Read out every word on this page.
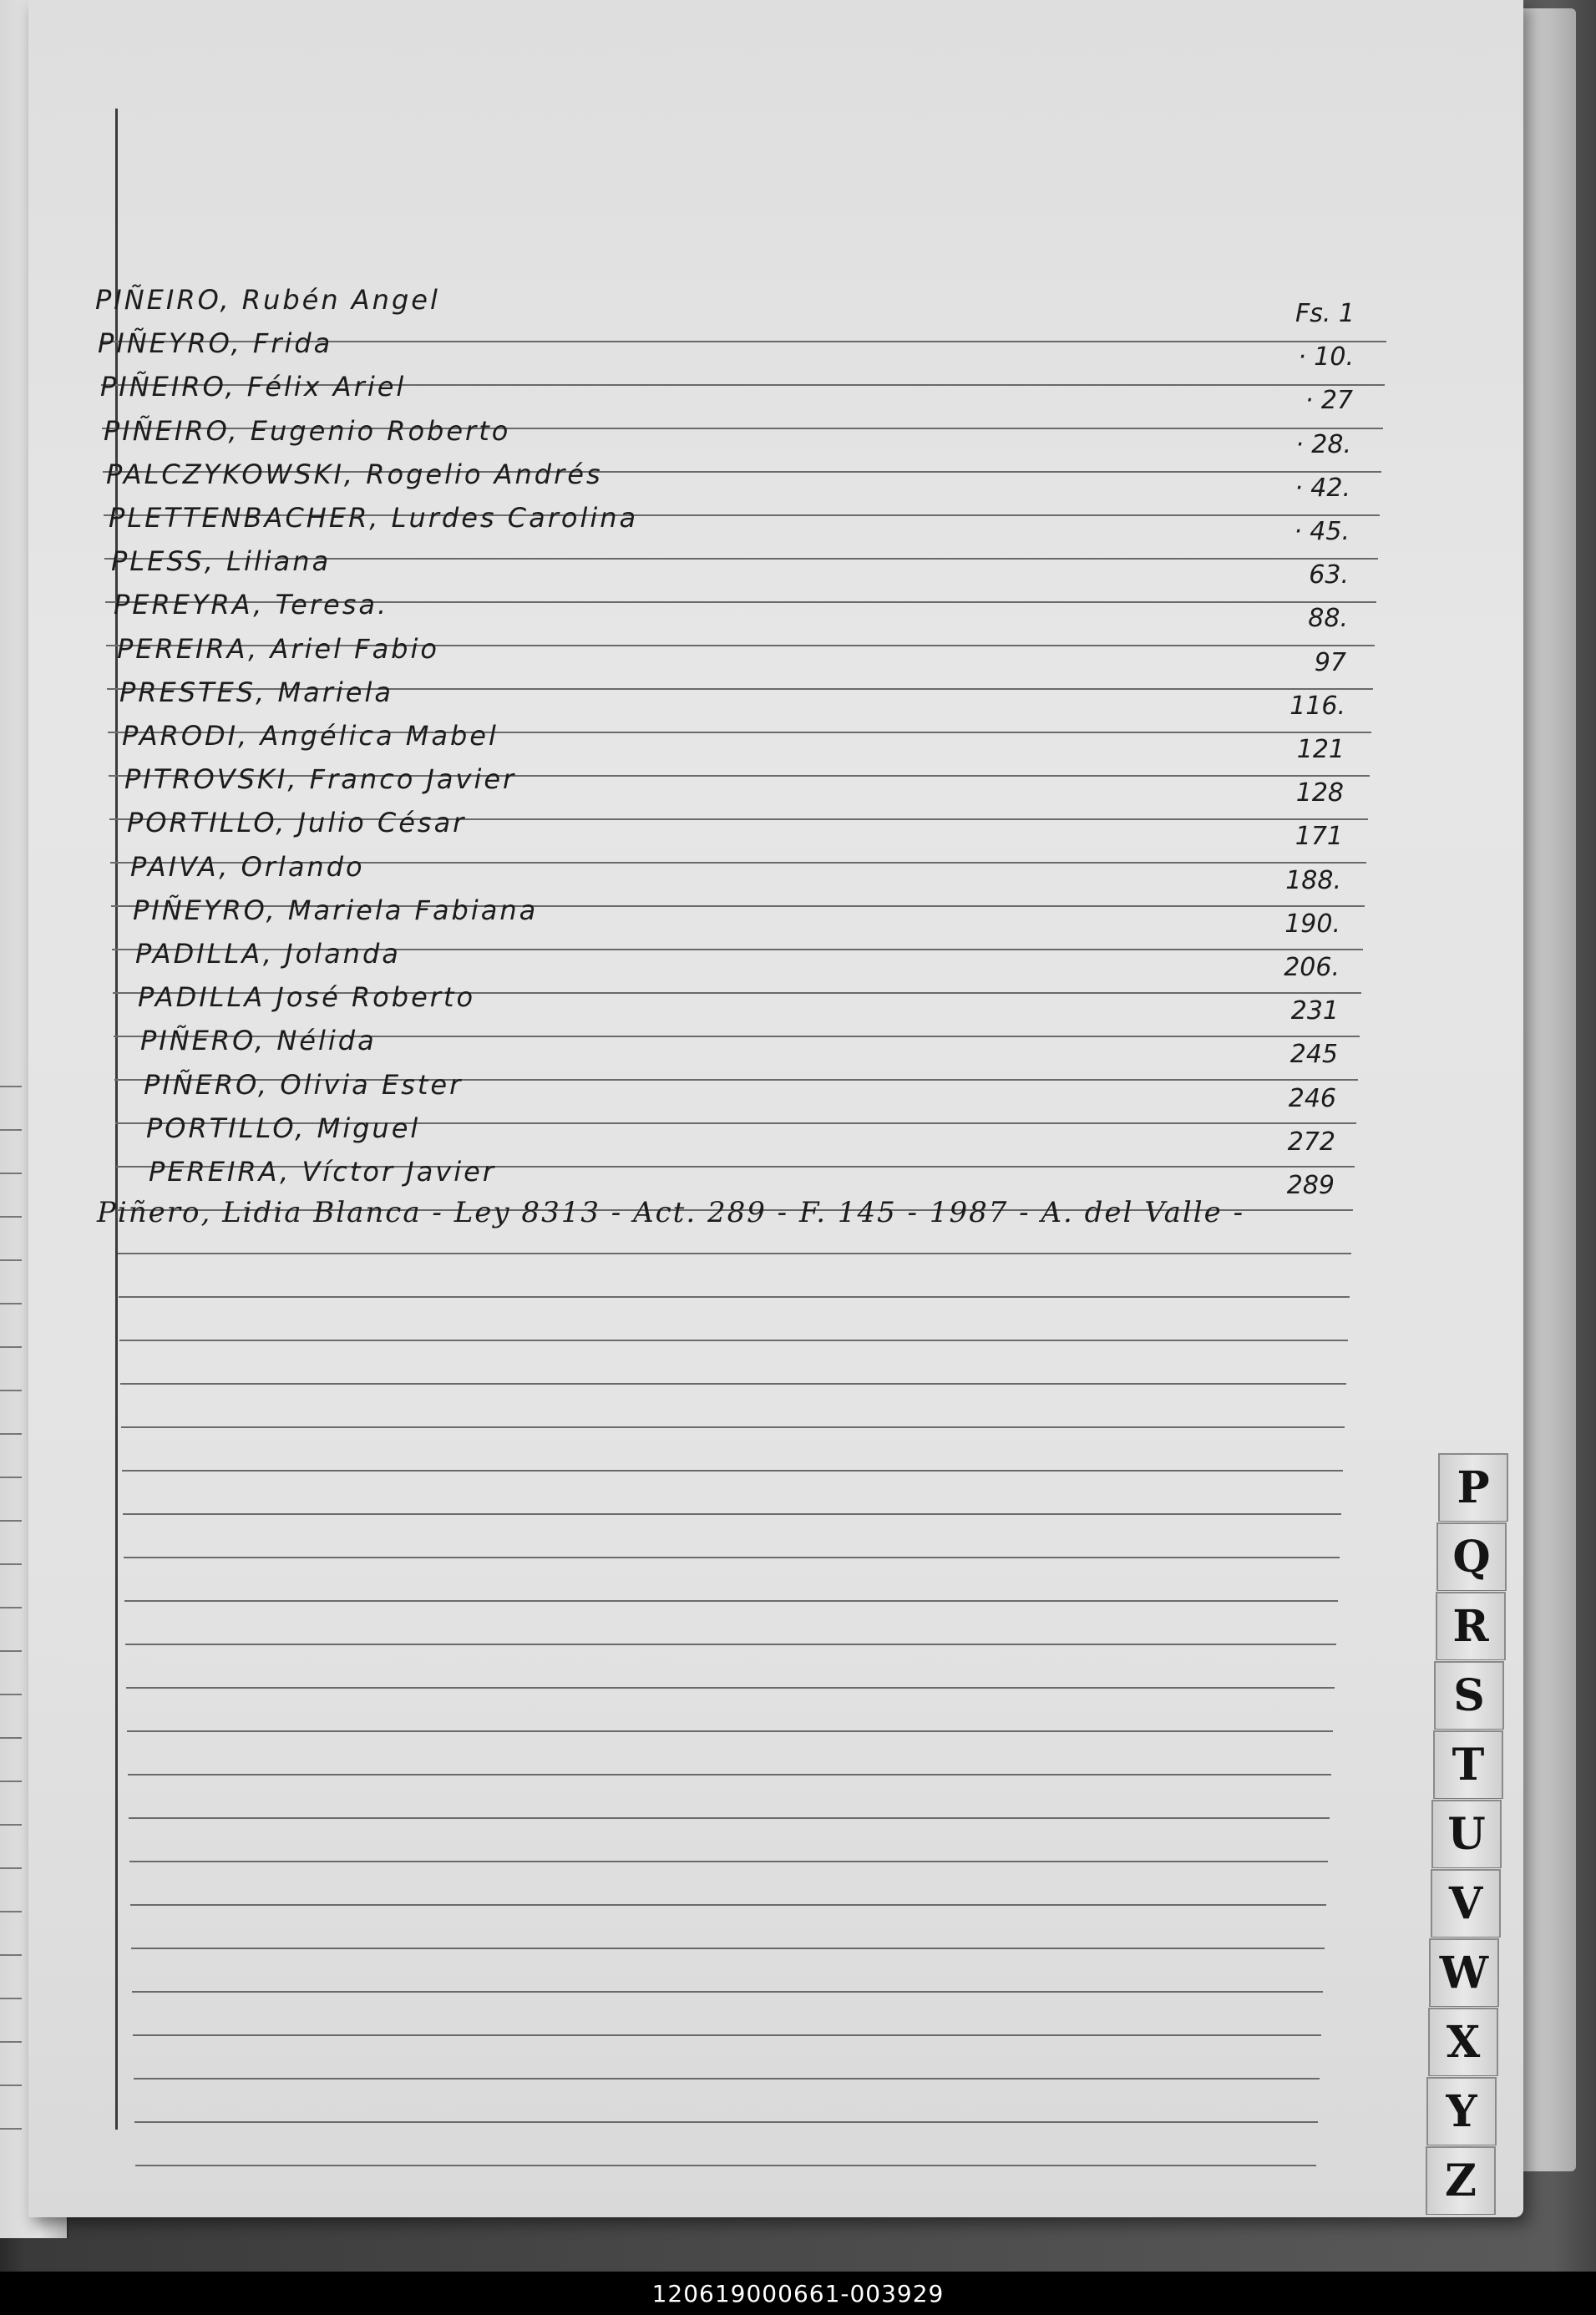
PIÑEIRO, Rubén Angel	Fs. 1
PIÑEYRO, Frida	· 10.
PIÑEIRO, Félix Ariel	· 27
PIÑEIRO, Eugenio Roberto	· 28.
PALCZYKOWSKI, Rogelio Andrés	· 42.
PLETTENBACHER, Lurdes Carolina	· 45.
PLESS, Liliana	63.
PEREYRA, Teresa.	88.
PEREIRA, Ariel Fabio	97
PRESTES, Mariela	116.
PARODI, Angélica Mabel	121
PITROVSKI, Franco Javier	128
PORTILLO, Julio César	171
PAIVA, Orlando	188.
PIÑEYRO, Mariela Fabiana	190.
PADILLA, Jolanda	206.
PADILLA José Roberto	231
PIÑERO, Nélida	245
PIÑERO, Olivia Ester	246
PORTILLO, Miguel	272
PEREIRA, Víctor Javier	289
Piñero, Lidia Blanca - Ley 8313 - Act. 289 - F. 145 - 1987 - A. del Valle -
P
Q
R
S
T
U
V
W
X
Y
Z
120619000661-003929
